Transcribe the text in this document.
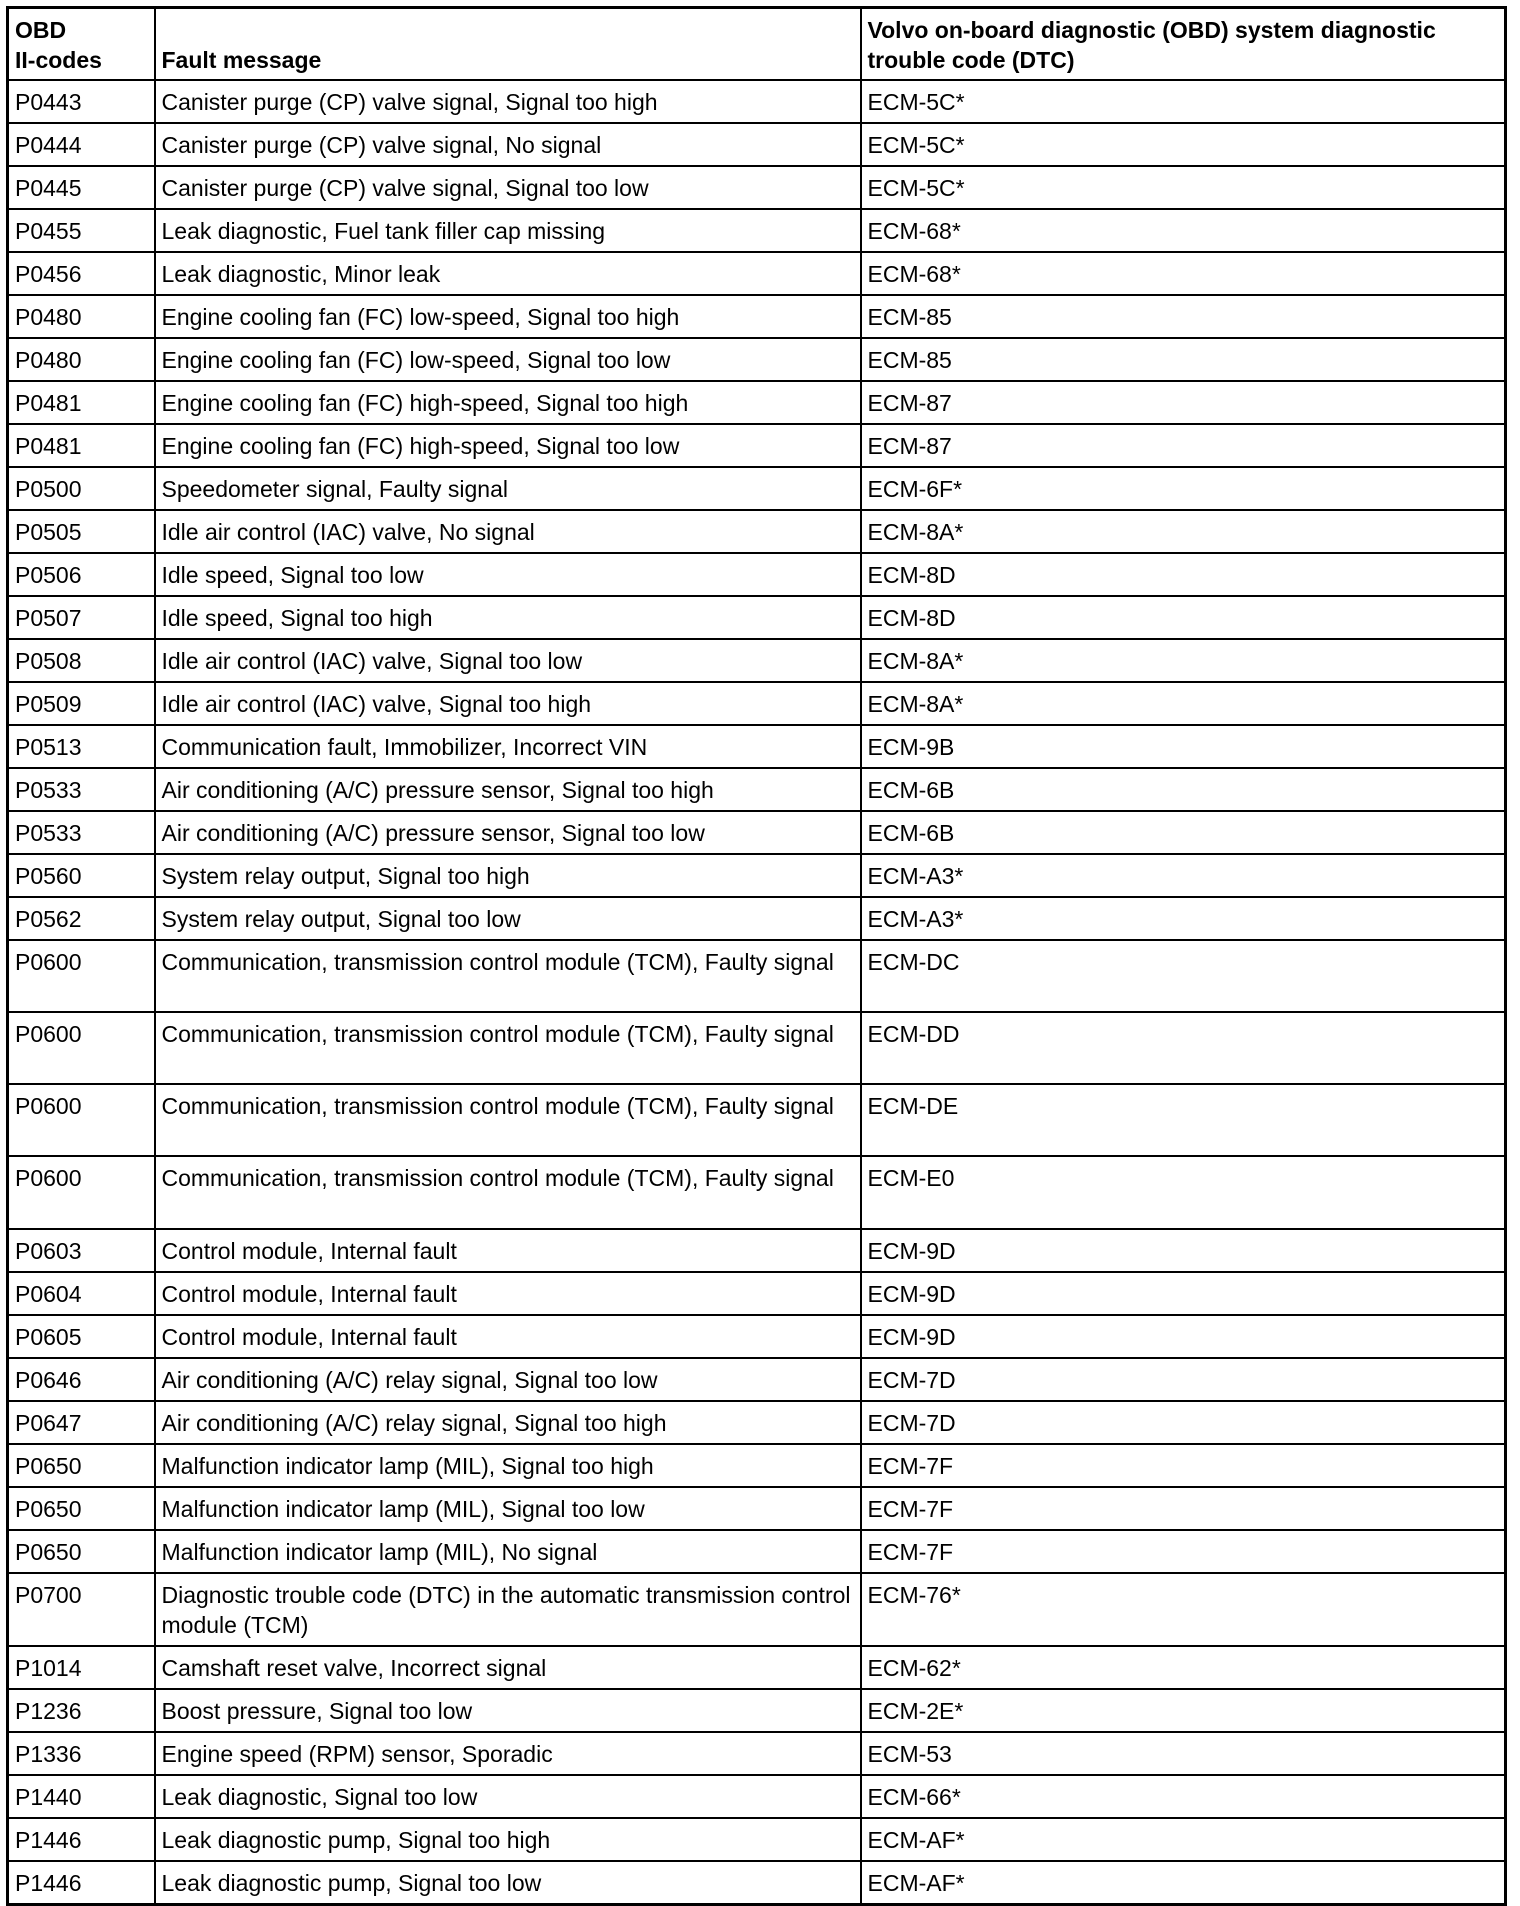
OBD
II-codes	Fault message	Volvo on-board diagnostic (OBD) system diagnostic trouble code (DTC)
P0443	Canister purge (CP) valve signal, Signal too high	ECM-5C*
P0444	Canister purge (CP) valve signal, No signal	ECM-5C*
P0445	Canister purge (CP) valve signal, Signal too low	ECM-5C*
P0455	Leak diagnostic, Fuel tank filler cap missing	ECM-68*
P0456	Leak diagnostic, Minor leak	ECM-68*
P0480	Engine cooling fan (FC) low-speed, Signal too high	ECM-85
P0480	Engine cooling fan (FC) low-speed, Signal too low	ECM-85
P0481	Engine cooling fan (FC) high-speed, Signal too high	ECM-87
P0481	Engine cooling fan (FC) high-speed, Signal too low	ECM-87
P0500	Speedometer signal, Faulty signal	ECM-6F*
P0505	Idle air control (IAC) valve, No signal	ECM-8A*
P0506	Idle speed, Signal too low	ECM-8D
P0507	Idle speed, Signal too high	ECM-8D
P0508	Idle air control (IAC) valve, Signal too low	ECM-8A*
P0509	Idle air control (IAC) valve, Signal too high	ECM-8A*
P0513	Communication fault, Immobilizer, Incorrect VIN	ECM-9B
P0533	Air conditioning (A/C) pressure sensor, Signal too high	ECM-6B
P0533	Air conditioning (A/C) pressure sensor, Signal too low	ECM-6B
P0560	System relay output, Signal too high	ECM-A3*
P0562	System relay output, Signal too low	ECM-A3*
P0600	Communication, transmission control module (TCM), Faulty signal	ECM-DC
P0600	Communication, transmission control module (TCM), Faulty signal	ECM-DD
P0600	Communication, transmission control module (TCM), Faulty signal	ECM-DE
P0600	Communication, transmission control module (TCM), Faulty signal	ECM-E0
P0603	Control module, Internal fault	ECM-9D
P0604	Control module, Internal fault	ECM-9D
P0605	Control module, Internal fault	ECM-9D
P0646	Air conditioning (A/C) relay signal, Signal too low	ECM-7D
P0647	Air conditioning (A/C) relay signal, Signal too high	ECM-7D
P0650	Malfunction indicator lamp (MIL), Signal too high	ECM-7F
P0650	Malfunction indicator lamp (MIL), Signal too low	ECM-7F
P0650	Malfunction indicator lamp (MIL), No signal	ECM-7F
P0700	Diagnostic trouble code (DTC) in the automatic transmission control module (TCM)	ECM-76*
P1014	Camshaft reset valve, Incorrect signal	ECM-62*
P1236	Boost pressure, Signal too low	ECM-2E*
P1336	Engine speed (RPM) sensor, Sporadic	ECM-53
P1440	Leak diagnostic, Signal too low	ECM-66*
P1446	Leak diagnostic pump, Signal too high	ECM-AF*
P1446	Leak diagnostic pump, Signal too low	ECM-AF*
